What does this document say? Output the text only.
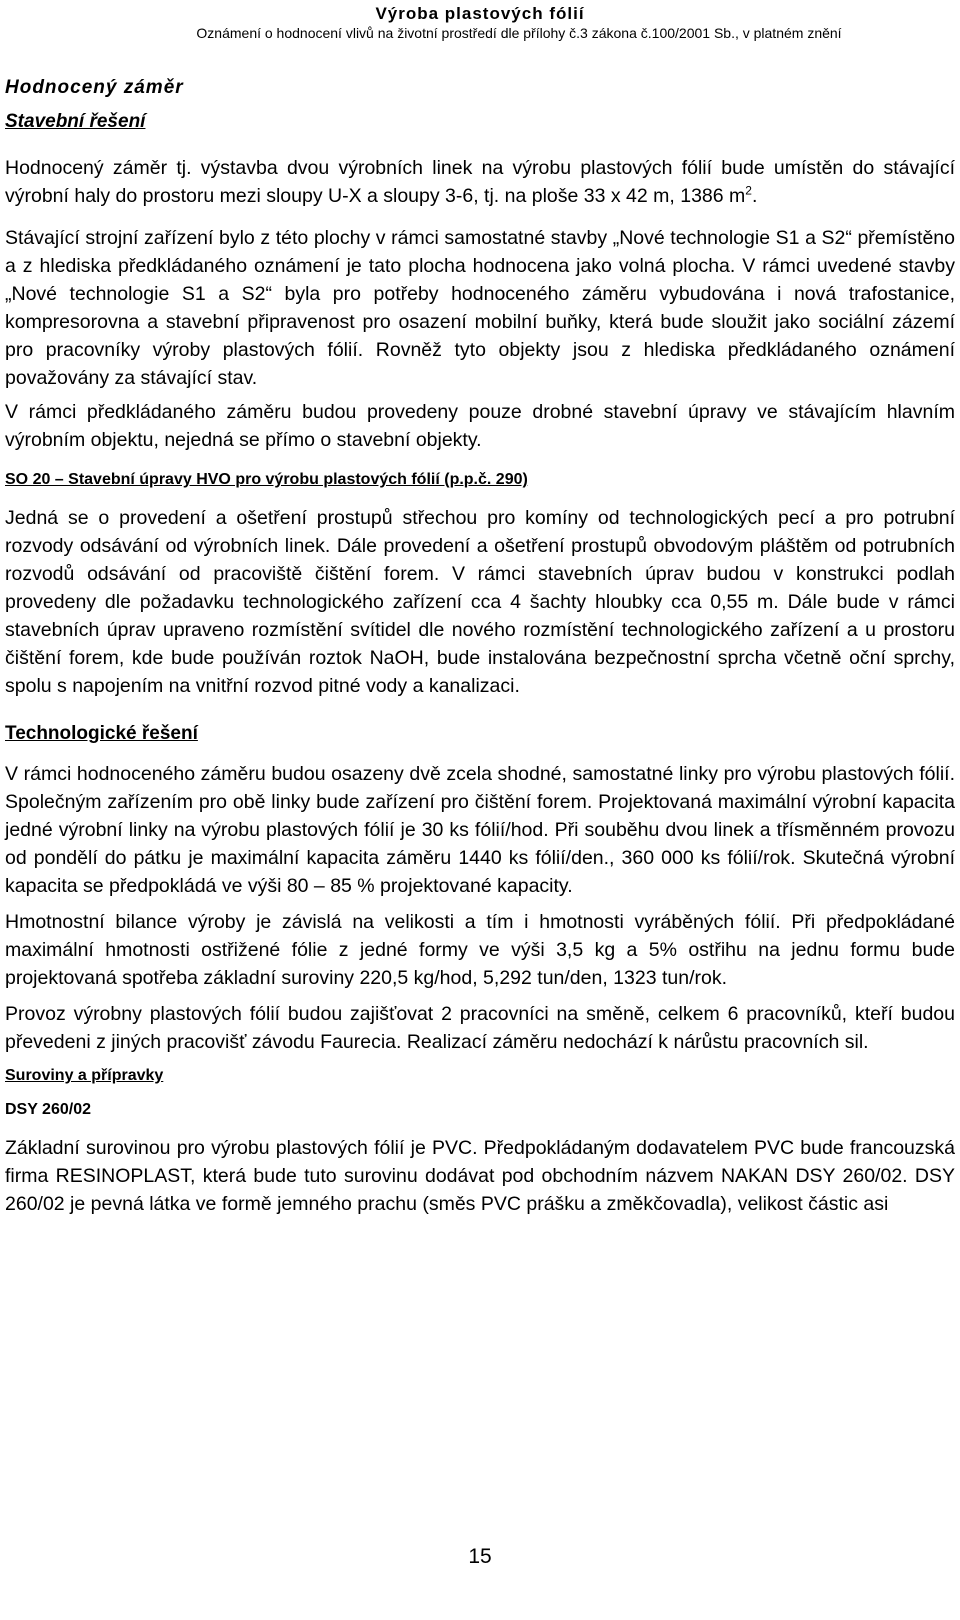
Výroba plastových fólií
Oznámení o hodnocení vlivů na životní prostředí dle přílohy č.3 zákona č.100/2001 Sb., v platném znění
Hodnocený záměr
Stavební řešení

Hodnocený záměr tj. výstavba dvou výrobních linek na výrobu plastových fólií bude umístěn do stávající výrobní haly do prostoru mezi sloupy U-X a sloupy 3-6, tj. na ploše 33 x 42 m, 1386 $m^2$.

Stávající strojní zařízení bylo z této plochy v rámci samostatné stavby „Nové technologie S1 a S2“ přemístěno a z hlediska předkládaného oznámení je tato plocha hodnocena jako volná plocha. V rámci uvedené stavby „Nové technologie S1 a S2“ byla pro potřeby hodnoceného záměru vybudována i nová trafostanice, kompresorovna a stavební připravenost pro osazení mobilní buňky, která bude sloužit jako sociální zázemí pro pracovníky výroby plastových fólií. Rovněž tyto objekty jsou z hlediska předkládaného oznámení považovány za stávající stav.

V rámci předkládaného záměru budou provedeny pouze drobné stavební úpravy ve stávajícím hlavním výrobním objektu, nejedná se přímo o stavební objekty.

SO 20 – Stavební úpravy HVO pro výrobu plastových fólií (p.p.č. 290)

Jedná se o provedení a ošetření prostupů střechou pro komíny od technologických pecí a pro potrubní rozvody odsávání od výrobních linek. Dále provedení a ošetření prostupů obvodovým pláštěm od potrubních rozvodů odsávání od pracoviště čištění forem. V rámci stavebních úprav budou v konstrukci podlah provedeny dle požadavku technologického zařízení cca 4 šachty hloubky cca 0,55 m. Dále bude v rámci stavebních úprav upraveno rozmístění svítidel dle nového rozmístění technologického zařízení a u prostoru čištění forem, kde bude používán roztok NaOH, bude instalována bezpečnostní sprcha včetně oční sprchy, spolu s napojením na vnitřní rozvod pitné vody a kanalizaci.

Technologické řešení

V rámci hodnoceného záměru budou osazeny dvě zcela shodné, samostatné linky pro výrobu plastových fólií. Společným zařízením pro obě linky bude zařízení pro čištění forem. Projektovaná maximální výrobní kapacita jedné výrobní linky na výrobu plastových fólií je 30 ks fólií/hod. Při souběhu dvou linek a třísměnném provozu od pondělí do pátku je maximální kapacita záměru 1440 ks fólií/den., 360 000 ks fólií/rok. Skutečná výrobní kapacita se předpokládá ve výši 80 – 85 % projektované kapacity.

Hmotnostní bilance výroby je závislá na velikosti a tím i hmotnosti vyráběných fólií. Při předpokládané maximální hmotnosti ostřižené fólie z jedné formy ve výši 3,5 kg a 5% ostřihu na jednu formu bude projektovaná spotřeba základní suroviny 220,5 kg/hod, 5,292 tun/den, 1323 tun/rok.

Provoz výrobny plastových fólií budou zajišťovat 2 pracovníci na směně, celkem 6 pracovníků, kteří budou převedeni z jiných pracovišť závodu Faurecia. Realizací záměru nedochází k nárůstu pracovních sil.

Suroviny a přípravky
DSY 260/02

Základní surovinou pro výrobu plastových fólií je PVC. Předpokládaným dodavatelem PVC bude francouzská firma RESINOPLAST, která bude tuto surovinu dodávat pod obchodním názvem NAKAN DSY 260/02. DSY 260/02 je pevná látka ve formě jemného prachu (směs PVC prášku a změkčovadla), velikost částic asi

15
